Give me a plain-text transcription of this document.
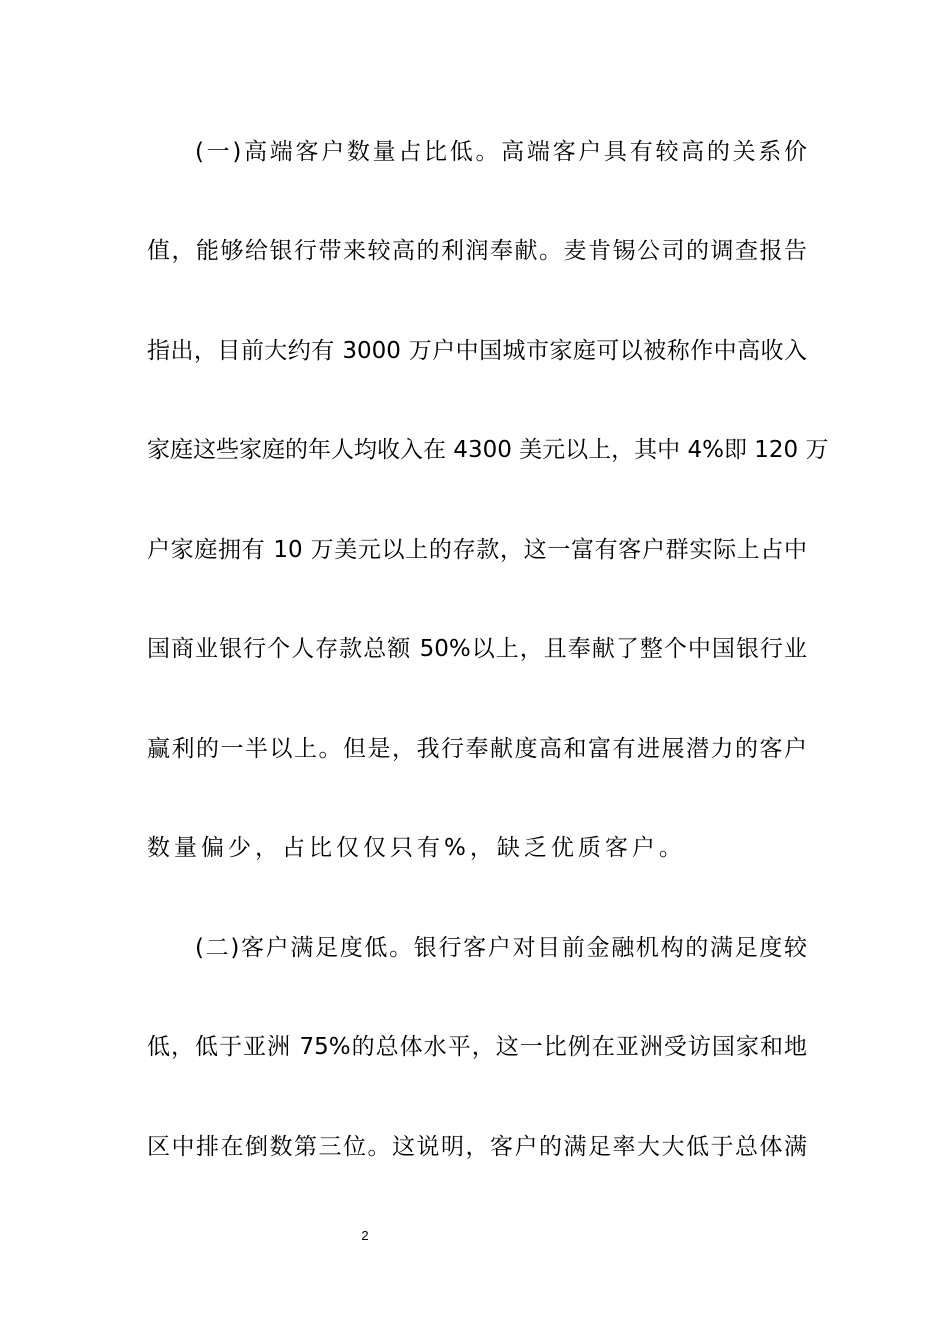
(一)高端客户数量占比低。高端客户具有较高的关系价
值，能够给银行带来较高的利润奉献。麦肯锡公司的调查报告
指出，目前大约有 3000 万户中国城市家庭可以被称作中高收入
家庭这些家庭的年人均收入在 4300 美元以上，其中 4%即 120 万
户家庭拥有 10 万美元以上的存款，这一富有客户群实际上占中
国商业银行个人存款总额 50%以上，且奉献了整个中国银行业
赢利的一半以上。但是，我行奉献度高和富有进展潜力的客户
数量偏少，占比仅仅只有%，缺乏优质客户。
(二)客户满足度低。银行客户对目前金融机构的满足度较
低，低于亚洲 75%的总体水平，这一比例在亚洲受访国家和地
区中排在倒数第三位。这说明，客户的满足率大大低于总体满
2
